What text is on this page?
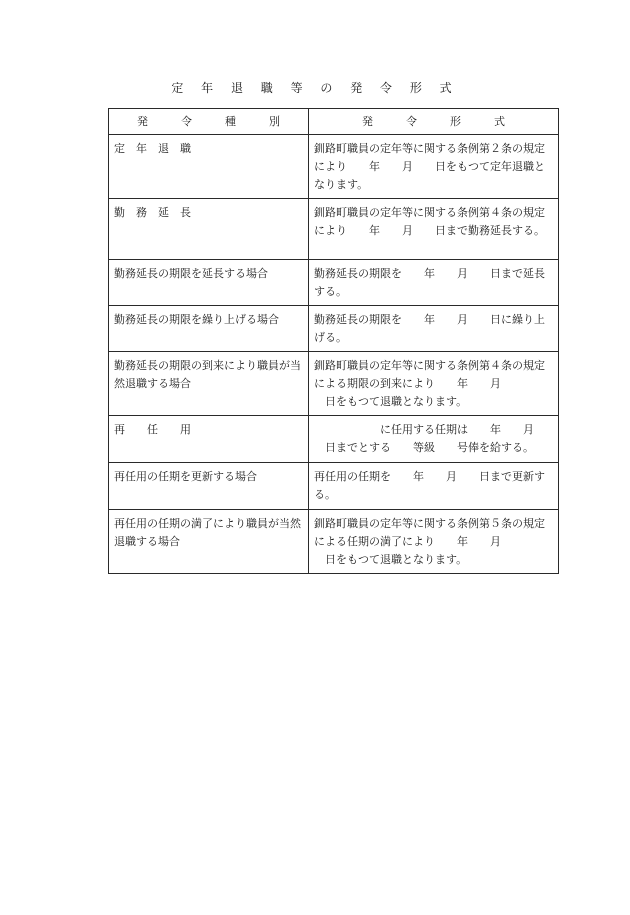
定 年 退 職 等 の 発 令 形 式
発　　　令　　　種　　　別	発　　　令　　　形　　　式
定　年　退　職	釧路町職員の定年等に関する条例第２条の規定により　　年　　月　　日をもつて定年退職となります。
勤　務　延　長	釧路町職員の定年等に関する条例第４条の規定により　　年　　月　　日まで勤務延長する。
勤務延長の期限を延長する場合	勤務延長の期限を　　年　　月　　日まで延長する。
勤務延長の期限を繰り上げる場合	勤務延長の期限を　　年　　月　　日に繰り上げる。
勤務延長の期限の到来により職員が当然退職する場合	釧路町職員の定年等に関する条例第４条の規定による期限の到来により　　年　　月
　日をもつて退職となります。
再　　任　　用	　　　　　　に任用する任期は　　年　　月
　日までとする　　等級　　号俸を給する。
再任用の任期を更新する場合	再任用の任期を　　年　　月　　日まで更新する。
再任用の任期の満了により職員が当然退職する場合	釧路町職員の定年等に関する条例第５条の規定による任期の満了により　　年　　月
　日をもつて退職となります。
